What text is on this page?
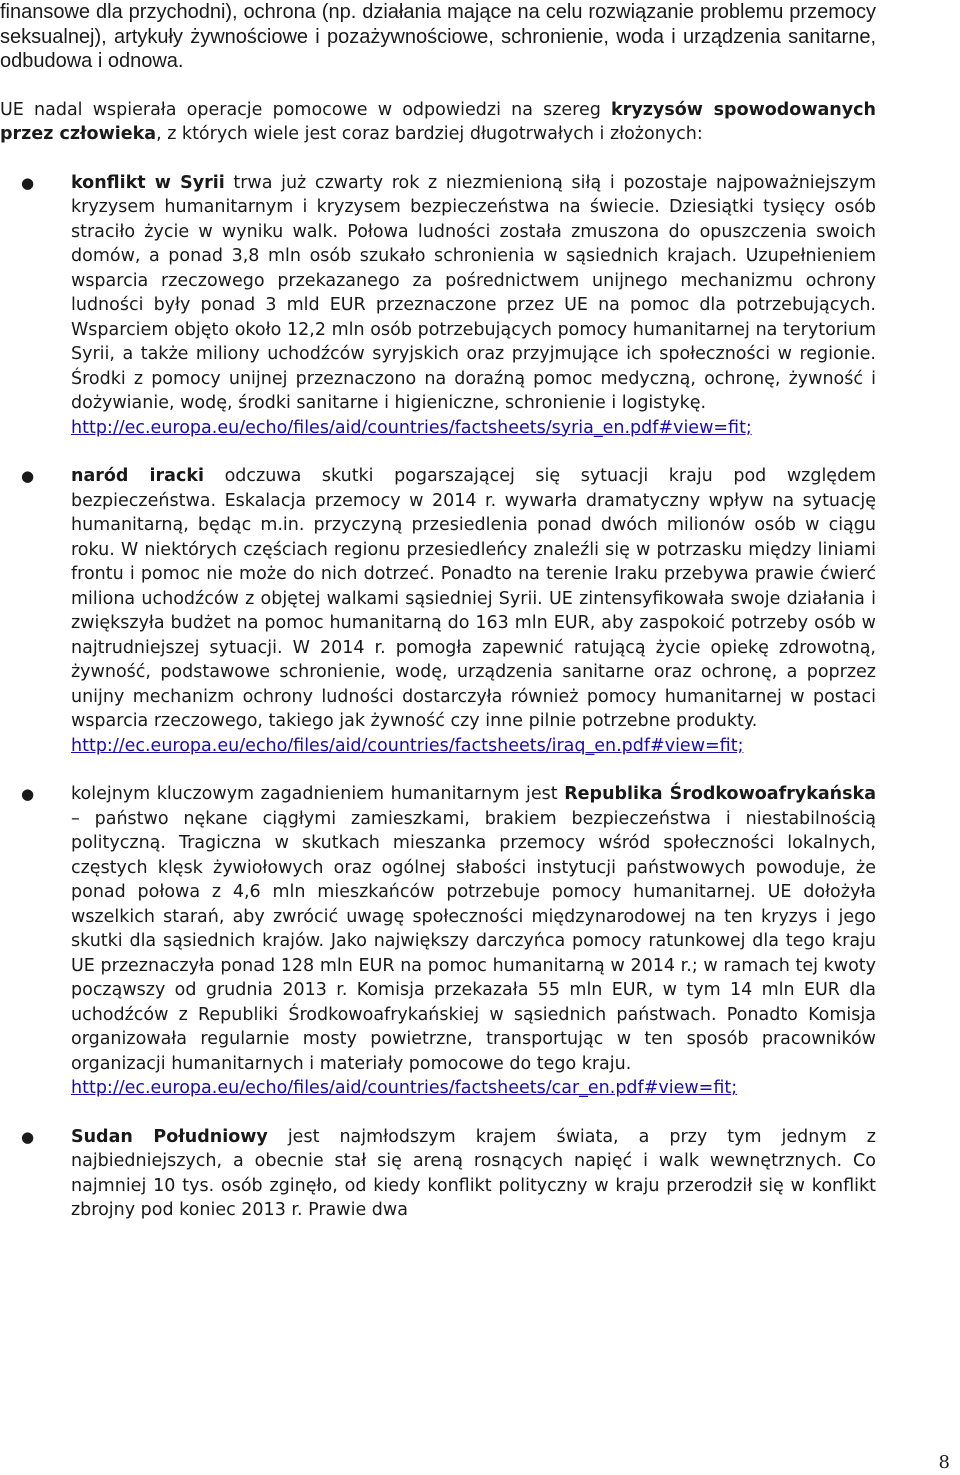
finansowe dla przychodni), ochrona (np. działania mające na celu rozwiązanie problemu przemocy seksualnej), artykuły żywnościowe i pozażywnościowe, schronienie, woda i urządzenia sanitarne, odbudowa i odnowa.

UE nadal wspierała operacje pomocowe w odpowiedzi na szereg kryzysów spowodowanych przez człowieka, z których wiele jest coraz bardziej długotrwałych i złożonych:

● konflikt w Syrii trwa już czwarty rok z niezmienioną siłą i pozostaje najpoważniejszym kryzysem humanitarnym i kryzysem bezpieczeństwa na świecie. Dziesiątki tysięcy osób straciło życie w wyniku walk. Połowa ludności została zmuszona do opuszczenia swoich domów, a ponad 3,8 mln osób szukało schronienia w sąsiednich krajach. Uzupełnieniem wsparcia rzeczowego przekazanego za pośrednictwem unijnego mechanizmu ochrony ludności były ponad 3 mld EUR przeznaczone przez UE na pomoc dla potrzebujących. Wsparciem objęto około 12,2 mln osób potrzebujących pomocy humanitarnej na terytorium Syrii, a także miliony uchodźców syryjskich oraz przyjmujące ich społeczności w regionie. Środki z pomocy unijnej przeznaczono na doraźną pomoc medyczną, ochronę, żywność i dożywianie, wodę, środki sanitarne i higieniczne, schronienie i logistykę.
http://ec.europa.eu/echo/files/aid/countries/factsheets/syria_en.pdf#view=fit;
● naród iracki odczuwa skutki pogarszającej się sytuacji kraju pod względem bezpieczeństwa. Eskalacja przemocy w 2014 r. wywarła dramatyczny wpływ na sytuację humanitarną, będąc m.in. przyczyną przesiedlenia ponad dwóch milionów osób w ciągu roku. W niektórych częściach regionu przesiedleńcy znaleźli się w potrzasku między liniami frontu i pomoc nie może do nich dotrzeć. Ponadto na terenie Iraku przebywa prawie ćwierć miliona uchodźców z objętej walkami sąsiedniej Syrii. UE zintensyfikowała swoje działania i zwiększyła budżet na pomoc humanitarną do 163 mln EUR, aby zaspokoić potrzeby osób w najtrudniejszej sytuacji. W 2014 r. pomogła zapewnić ratującą życie opiekę zdrowotną, żywność, podstawowe schronienie, wodę, urządzenia sanitarne oraz ochronę, a poprzez unijny mechanizm ochrony ludności dostarczyła również pomocy humanitarnej w postaci wsparcia rzeczowego, takiego jak żywność czy inne pilnie potrzebne produkty.
http://ec.europa.eu/echo/files/aid/countries/factsheets/iraq_en.pdf#view=fit;
● kolejnym kluczowym zagadnieniem humanitarnym jest Republika Środkowoafrykańska – państwo nękane ciągłymi zamieszkami, brakiem bezpieczeństwa i niestabilnością polityczną. Tragiczna w skutkach mieszanka przemocy wśród społeczności lokalnych, częstych klęsk żywiołowych oraz ogólnej słabości instytucji państwowych powoduje, że ponad połowa z 4,6 mln mieszkańców potrzebuje pomocy humanitarnej. UE dołożyła wszelkich starań, aby zwrócić uwagę społeczności międzynarodowej na ten kryzys i jego skutki dla sąsiednich krajów. Jako największy darczyńca pomocy ratunkowej dla tego kraju UE przeznaczyła ponad 128 mln EUR na pomoc humanitarną w 2014 r.; w ramach tej kwoty począwszy od grudnia 2013 r. Komisja przekazała 55 mln EUR, w tym 14 mln EUR dla uchodźców z Republiki Środkowoafrykańskiej w sąsiednich państwach. Ponadto Komisja organizowała regularnie mosty powietrzne, transportując w ten sposób pracowników organizacji humanitarnych i materiały pomocowe do tego kraju.
http://ec.europa.eu/echo/files/aid/countries/factsheets/car_en.pdf#view=fit;
● Sudan Południowy jest najmłodszym krajem świata, a przy tym jednym z najbiedniejszych, a obecnie stał się areną rosnących napięć i walk wewnętrznych. Co najmniej 10 tys. osób zginęło, od kiedy konflikt polityczny w kraju przerodził się w konflikt zbrojny pod koniec 2013 r. Prawie dwa
8
